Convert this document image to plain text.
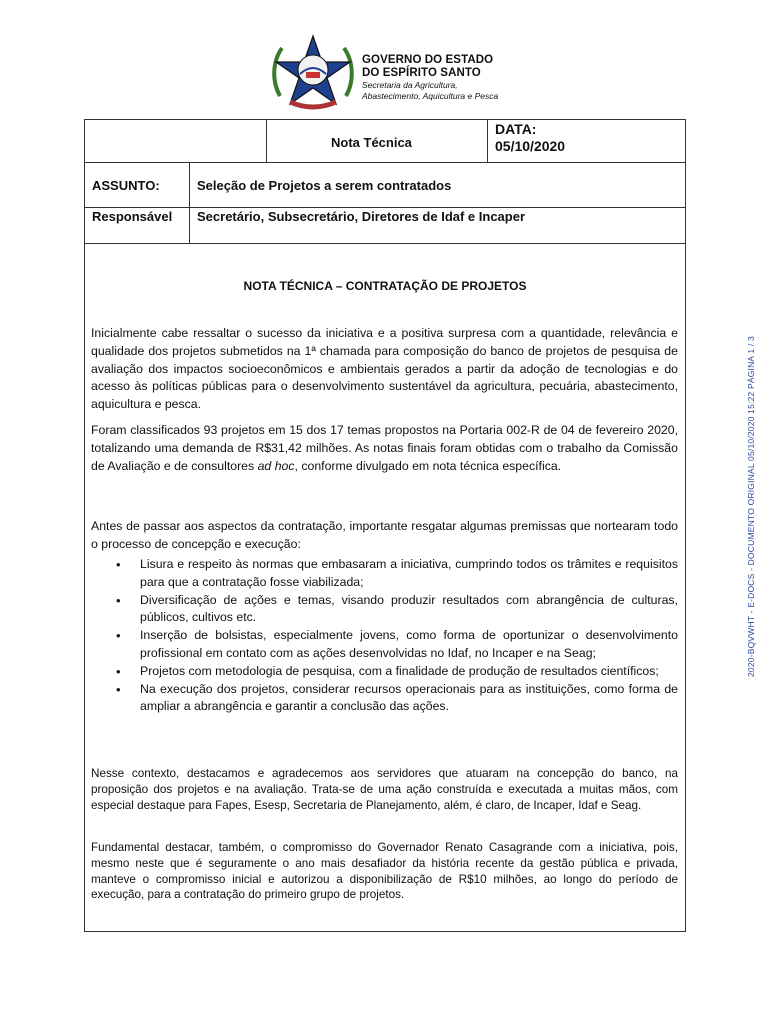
GOVERNO DO ESTADO
DO ESPÍRITO SANTO
Secretaria da Agricultura,
Abastecimento, Aquicultura e Pesca
Nota Técnica
DATA:
05/10/2020
ASSUNTO:	Seleção de Projetos a serem contratados
Responsável Secretário, Subsecretário, Diretores de Idaf e Incaper
NOTA TÉCNICA – CONTRATAÇÃO DE PROJETOS
Inicialmente cabe ressaltar o sucesso da iniciativa e a positiva surpresa com a quantidade, relevância e qualidade dos projetos submetidos na 1ª chamada para composição do banco de projetos de pesquisa de avaliação dos impactos socioeconômicos e ambientais gerados a partir da adoção de tecnologias e do acesso às políticas públicas para o desenvolvimento sustentável da agricultura, pecuária, abastecimento, aquicultura e pesca.
Foram classificados 93 projetos em 15 dos 17 temas propostos na Portaria 002-R de 04 de fevereiro 2020, totalizando uma demanda de R$31,42 milhões. As notas finais foram obtidas com o trabalho da Comissão de Avaliação e de consultores ad hoc, conforme divulgado em nota técnica específica.
Antes de passar aos aspectos da contratação, importante resgatar algumas premissas que nortearam todo o processo de concepção e execução:
• Lisura e respeito às normas que embasaram a iniciativa, cumprindo todos os trâmites e requisitos para que a contratação fosse viabilizada;
• Diversificação de ações e temas, visando produzir resultados com abrangência de culturas, públicos, cultivos etc.
• Inserção de bolsistas, especialmente jovens, como forma de oportunizar o desenvolvimento profissional em contato com as ações desenvolvidas no Idaf, no Incaper e na Seag;
• Projetos com metodologia de pesquisa, com a finalidade de produção de resultados científicos;
• Na execução dos projetos, considerar recursos operacionais para as instituições, como forma de ampliar a abrangência e garantir a conclusão das ações.
Nesse contexto, destacamos e agradecemos aos servidores que atuaram na concepção do banco, na proposição dos projetos e na avaliação. Trata-se de uma ação construída e executada a muitas mãos, com especial destaque para Fapes, Esesp, Secretaria de Planejamento, além, é claro, de Incaper, Idaf e Seag.
Fundamental destacar, também, o compromisso do Governador Renato Casagrande com a iniciativa, pois, mesmo neste que é seguramente o ano mais desafiador da história recente da gestão pública e privada, manteve o compromisso inicial e autorizou a disponibilização de R$10 milhões, ao longo do período de execução, para a contratação do primeiro grupo de projetos.
2020-BQVWHT - E-DOCS - DOCUMENTO ORIGINAL 05/10/2020 15:22 PÁGINA 1 / 3
